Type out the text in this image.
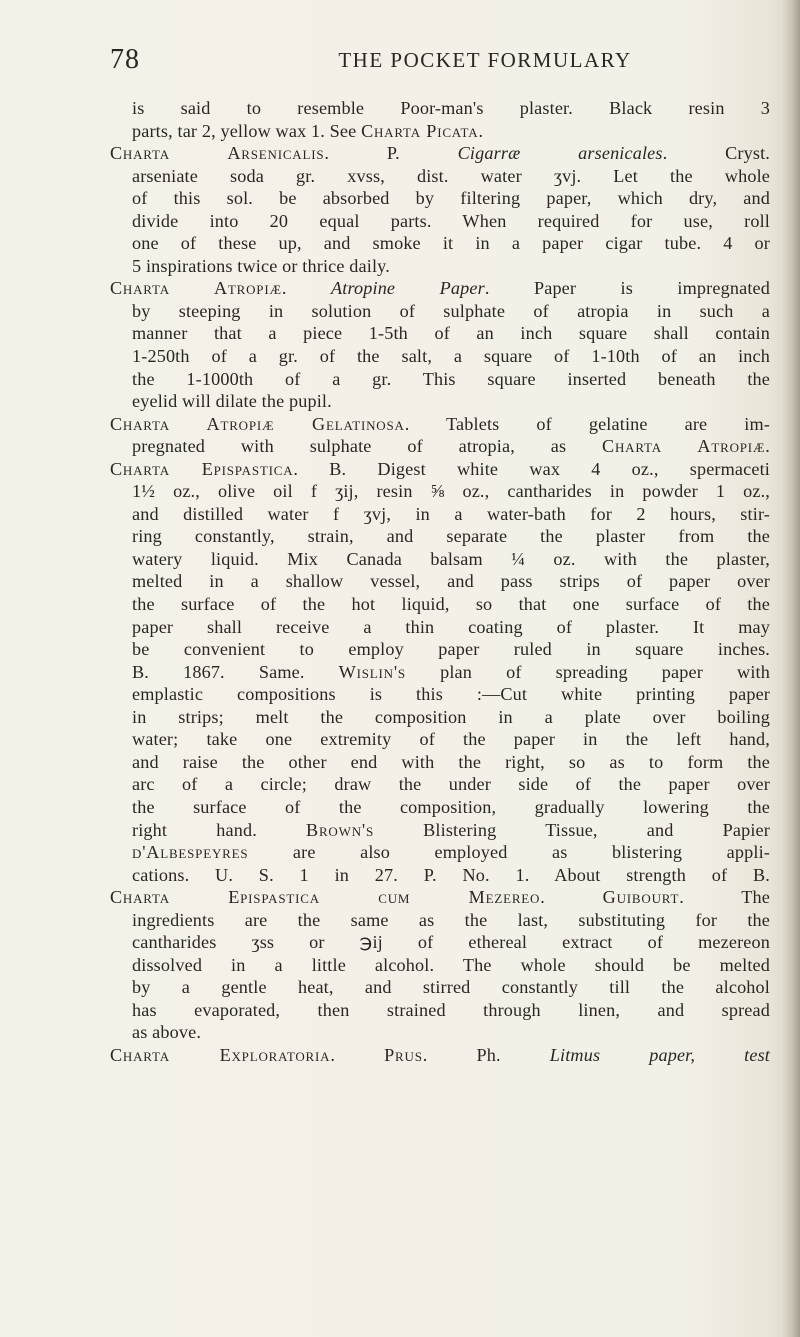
78	THE POCKET FORMULARY
is said to resemble Poor-man's plaster. Black resin 3
parts, tar 2, yellow wax 1. See Charta Picata.
Charta Arsenicalis. P. Cigarræ arsenicales. Cryst.
arseniate soda gr. xvss, dist. water ʒvj. Let the whole
of this sol. be absorbed by filtering paper, which dry, and
divide into 20 equal parts. When required for use, roll
one of these up, and smoke it in a paper cigar tube. 4 or
5 inspirations twice or thrice daily.
Charta Atropiæ. Atropine Paper. Paper is impregnated
by steeping in solution of sulphate of atropia in such a
manner that a piece 1-5th of an inch square shall contain
1-250th of a gr. of the salt, a square of 1-10th of an inch
the 1-1000th of a gr. This square inserted beneath the
eyelid will dilate the pupil.
Charta Atropiæ Gelatinosa. Tablets of gelatine are im-
pregnated with sulphate of atropia, as Charta Atropiæ.
Charta Epispastica. B. Digest white wax 4 oz., spermaceti
1½ oz., olive oil f ʒij, resin ⅝ oz., cantharides in powder 1 oz.,
and distilled water f ʒvj, in a water-bath for 2 hours, stir-
ring constantly, strain, and separate the plaster from the
watery liquid. Mix Canada balsam ¼ oz. with the plaster,
melted in a shallow vessel, and pass strips of paper over
the surface of the hot liquid, so that one surface of the
paper shall receive a thin coating of plaster. It may
be convenient to employ paper ruled in square inches.
B. 1867. Same. Wislin's plan of spreading paper with
emplastic compositions is this :—Cut white printing paper
in strips; melt the composition in a plate over boiling
water; take one extremity of the paper in the left hand,
and raise the other end with the right, so as to form the
arc of a circle; draw the under side of the paper over
the surface of the composition, gradually lowering the
right hand. Brown's Blistering Tissue, and Papier
d'Albespeyres are also employed as blistering appli-
cations. U. S. 1 in 27. P. No. 1. About strength of B.
Charta Epispastica cum Mezereo. Guibourt. The
ingredients are the same as the last, substituting for the
cantharides ʒss or ℈ij of ethereal extract of mezereon
dissolved in a little alcohol. The whole should be melted
by a gentle heat, and stirred constantly till the alcohol
has evaporated, then strained through linen, and spread
as above.
Charta Exploratoria. Prus. Ph. Litmus paper, test
